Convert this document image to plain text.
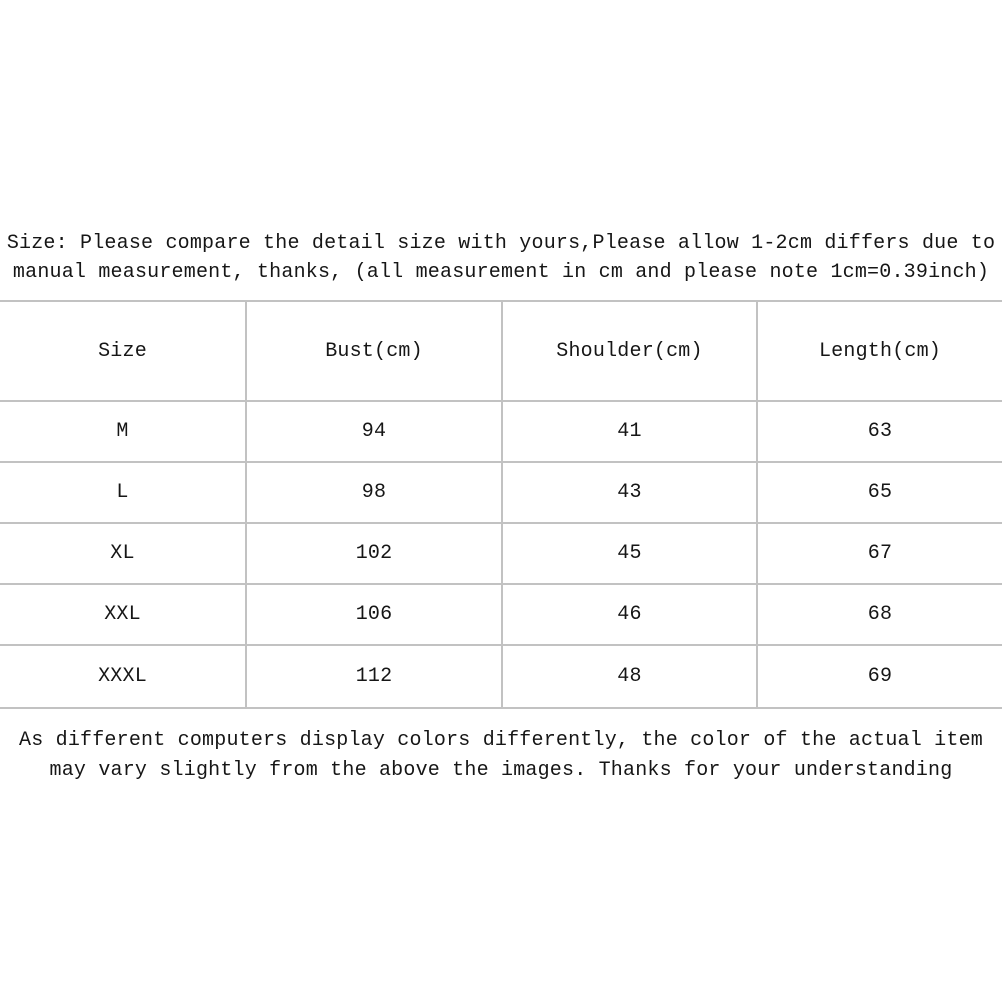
Size: Please compare the detail size with yours,Please allow 1-2cm differs due to
manual measurement, thanks, (all measurement in cm and please note 1cm=0.39inch)
Size	Bust(cm)	Shoulder(cm)	Length(cm)
M	94	41	63
L	98	43	65
XL	102	45	67
XXL	106	46	68
XXXL	112	48	69
As different computers display colors differently, the color of the actual item
may vary slightly from the above the images. Thanks for your understanding
